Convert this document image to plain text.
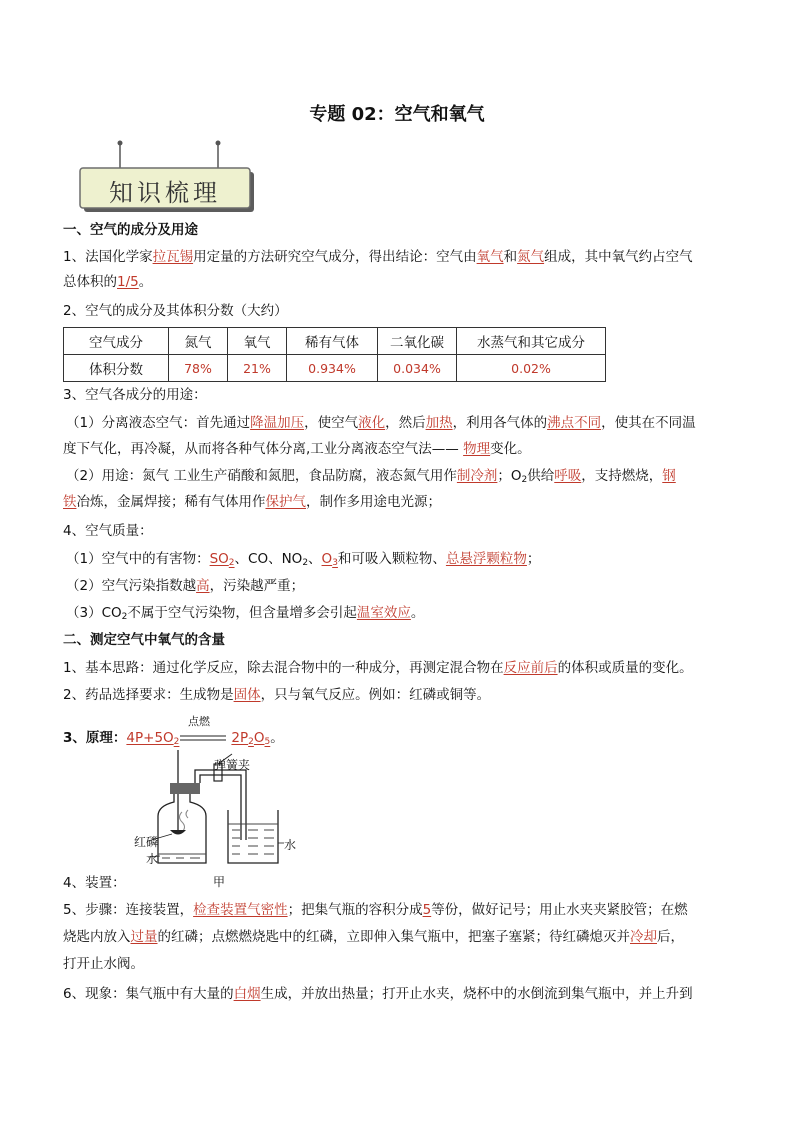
专题 02：空气和氧气
知识梳理
一、空气的成分及用途
1、法国化学家拉瓦锡用定量的方法研究空气成分，得出结论：空气由氧气和氮气组成，其中氧气约占空气
总体积的1/5。
2、空气的成分及其体积分数（大约）
空气成分	氮气	氧气	稀有气体	二氧化碳	水蒸气和其它成分
体积分数	78%	21%	0.934%	0.034%	0.02%
3、空气各成分的用途：
（1）分离液态空气：首先通过降温加压，使空气液化，然后加热，利用各气体的沸点不同，使其在不同温
度下气化，再冷凝，从而将各种气体分离,工业分离液态空气法—— 物理变化。
（2）用途：氮气 工业生产硝酸和氮肥，食品防腐，液态氮气用作制冷剂；$O_2$供给呼吸，支持燃烧，钢
铁冶炼，金属焊接；稀有气体用作保护气，制作多用途电光源；
4、空气质量：
（1）空气中的有害物：$SO_2$、CO、$NO_2$、$O_3$和可吸入颗粒物、总悬浮颗粒物；
（2）空气污染指数越高，污染越严重；
$(3)CO_2$不属于空气污染物，但含量增多会引起温室效应。
二、测定空气中氧气的含量
1、基本思路：通过化学反应，除去混合物中的一种成分，再测定混合物在反应前后的体积或质量的变化。
2、药品选择要求：生成物是固体，只与氧气反应。例如：红磷或铜等。
3、原理：$4P+5O_2$	$2P_2O_5$。
点燃
弹簧夹
红磷
水
水
4、装置：	甲
5、步骤：连接装置，检查装置气密性；把集气瓶的容积分成5等份，做好记号；用止水夹夹紧胶管；在燃
烧匙内放入过量的红磷；点燃燃烧匙中的红磷，立即伸入集气瓶中，把塞子塞紧；待红磷熄灭并冷却后，
打开止水阀。
6、现象：集气瓶中有大量的白烟生成，并放出热量；打开止水夹，烧杯中的水倒流到集气瓶中，并上升到
